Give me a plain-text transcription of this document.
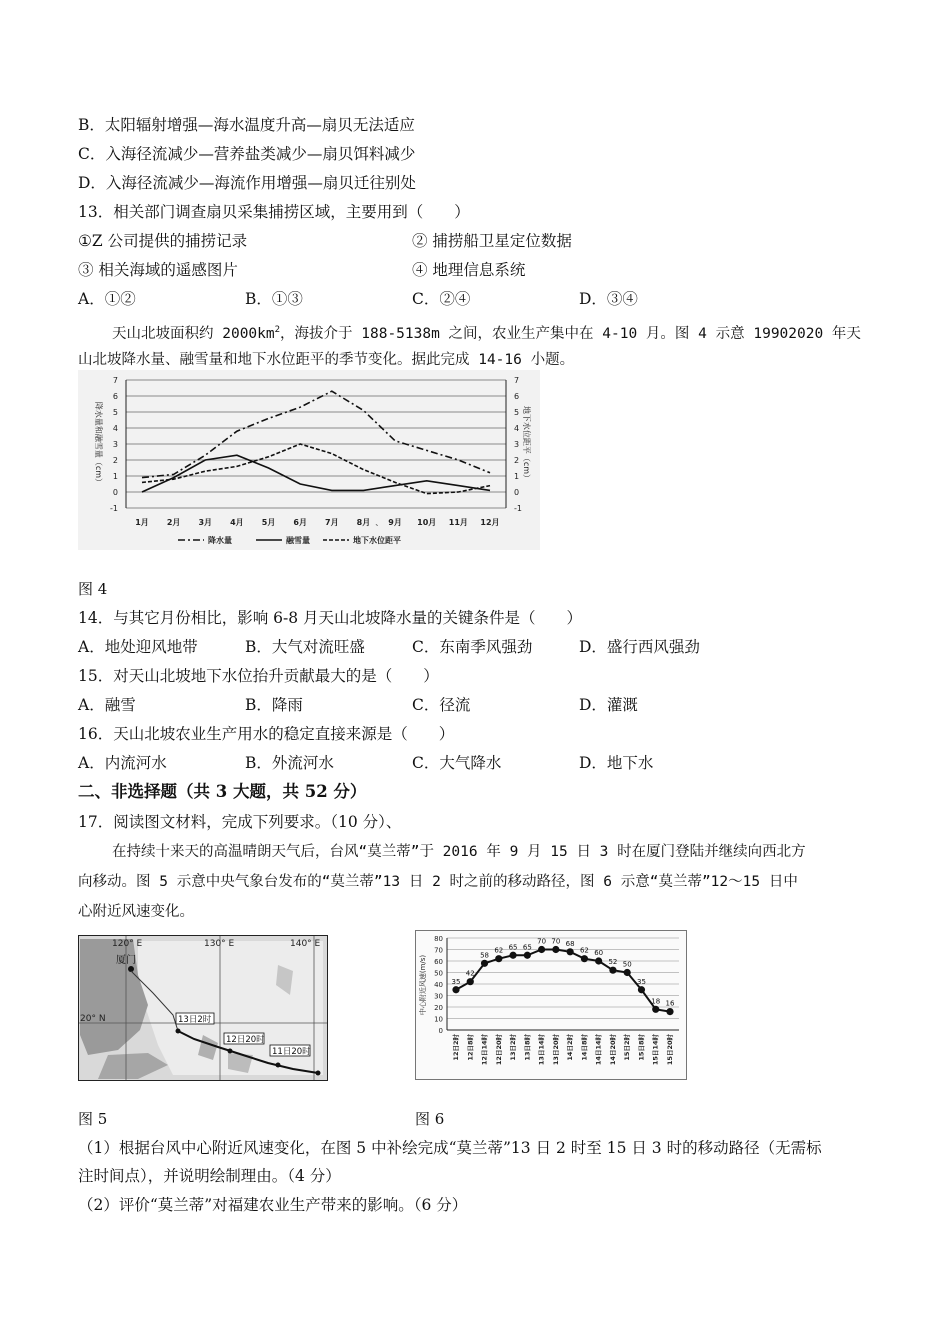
B．太阳辐射增强—海水温度升高—扇贝无法适应
C．入海径流减少—营养盐类减少—扇贝饵料减少
D．入海径流减少—海流作用增强—扇贝迁往别处
13．相关部门调查扇贝采集捕捞区域，主要用到（　　）
①Z 公司提供的捕捞记录	② 捕捞船卫星定位数据
③ 相关海域的遥感图片	④ 地理信息系统
A．①②	B．①③	C．②④	D．③④
天山北坡面积约 $2000km^2$，海拔介于 188-5138m 之间，农业生产集中在 4-10 月。图 4 示意 19902020 年天
山北坡降水量、融雪量和地下水位距平的季节变化。据此完成 14-16 小题。
-1	-1
0	0
1	1
2	2
3	3
4	4
5	5
6	6
7	7
降水量和融雪量（cm）	地下水位距平（cm）
1月 2月 3月 4月 5月 6月 7月 8月 9月 10月 11月 12月
、
降水量	融雪量	地下水位距平
图 4
14．与其它月份相比，影响 6-8 月天山北坡降水量的关键条件是（　　）
A．地处迎风地带	B．大气对流旺盛	C．东南季风强劲	D．盛行西风强劲
15．对天山北坡地下水位抬升贡献最大的是（　　）
A．融雪	B．降雨	C．径流	D．灌溉
16．天山北坡农业生产用水的稳定直接来源是（　　）
A．内流河水	B．外流河水	C．大气降水	D．地下水
二、非选择题（共 3 大题，共 52 分）
17．阅读图文材料，完成下列要求。（10 分）、
在持续十来天的高温晴朗天气后，台风“莫兰蒂”于 2016 年 9 月 15 日 3 时在厦门登陆并继续向西北方
向移动。图 5 示意中央气象台发布的“莫兰蒂”13 日 2 时之前的移动路径，图 6 示意“莫兰蒂”12～15 日中
心附近风速变化。
120° E	130° E	140° E
20° N
厦门
13日2时
12日20时
11日20时
图 5
0
10
20
30
40
50
60
70
80
中心附近风速(m/s)	35
42
58
62 65 65
70 70 68
62 60
52 50
35
18 16
12日2时 12日8时 12日14时 12日20时 13日2时 13日8时 13日14时 13日20时 14日2时 14日8时 14日14时 14日20时 15日2时 15日8时 15日14时 15日20时
图 6
（1）根据台风中心附近风速变化，在图 5 中补绘完成“莫兰蒂”13 日 2 时至 15 日 3 时的移动路径（无需标
注时间点），并说明绘制理由。（4 分）
（2）评价“莫兰蒂”对福建农业生产带来的影响。（6 分）
